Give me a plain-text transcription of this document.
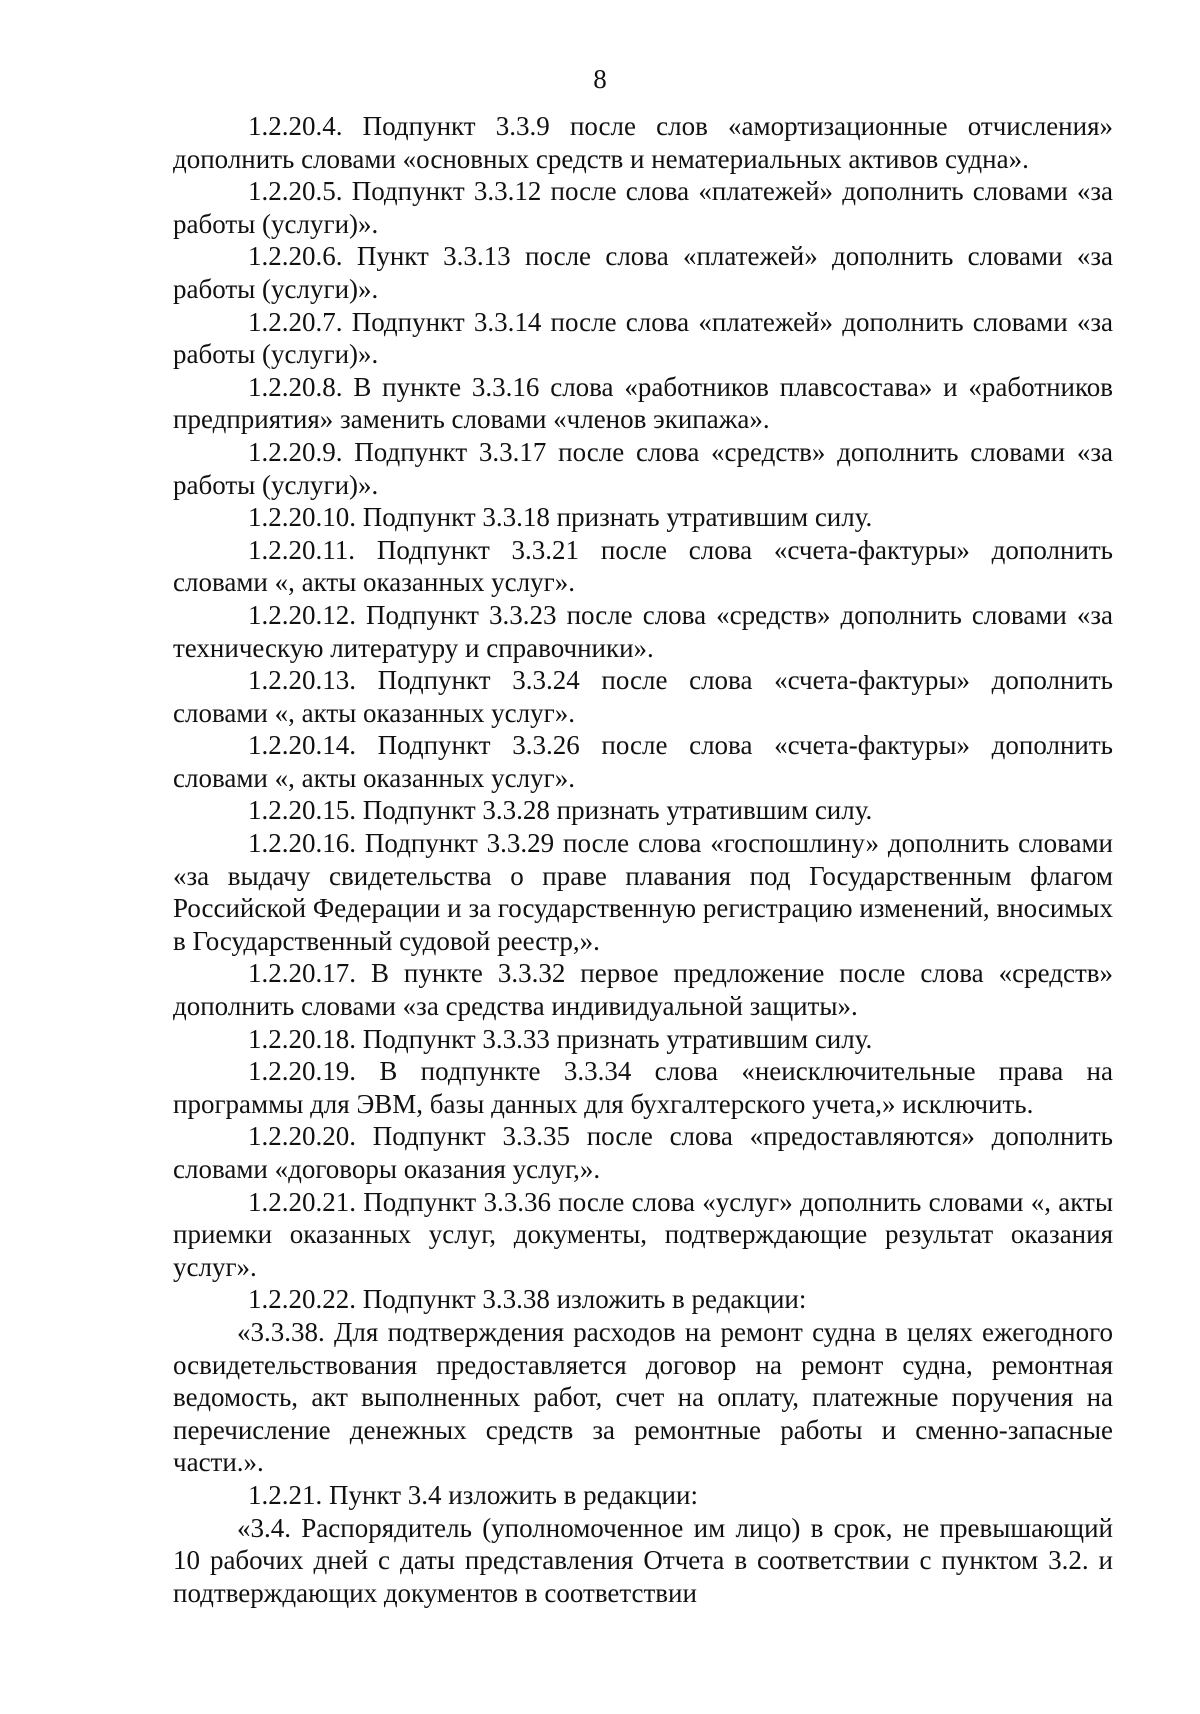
8

1.2.20.4. Подпункт 3.3.9 после слов «амортизационные отчисления» дополнить словами «основных средств и нематериальных активов судна».

1.2.20.5. Подпункт 3.3.12 после слова «платежей» дополнить словами «за работы (услуги)».

1.2.20.6. Пункт 3.3.13 после слова «платежей» дополнить словами «за работы (услуги)».

1.2.20.7. Подпункт 3.3.14 после слова «платежей» дополнить словами «за работы (услуги)».

1.2.20.8. В пункте 3.3.16 слова «работников плавсостава» и «работников предприятия» заменить словами «членов экипажа».

1.2.20.9. Подпункт 3.3.17 после слова «средств» дополнить словами «за работы (услуги)».

1.2.20.10. Подпункт 3.3.18 признать утратившим силу.

1.2.20.11. Подпункт 3.3.21 после слова «счета-фактуры» дополнить словами «, акты оказанных услуг».

1.2.20.12. Подпункт 3.3.23 после слова «средств» дополнить словами «за техническую литературу и справочники».

1.2.20.13. Подпункт 3.3.24 после слова «счета-фактуры» дополнить словами «, акты оказанных услуг».

1.2.20.14. Подпункт 3.3.26 после слова «счета-фактуры» дополнить словами «, акты оказанных услуг».

1.2.20.15. Подпункт 3.3.28 признать утратившим силу.

1.2.20.16. Подпункт 3.3.29 после слова «госпошлину» дополнить словами «за выдачу свидетельства о праве плавания под Государственным флагом Российской Федерации и за государственную регистрацию изменений, вносимых в Государственный судовой реестр,».

1.2.20.17. В пункте 3.3.32 первое предложение после слова «средств» дополнить словами «за средства индивидуальной защиты».

1.2.20.18. Подпункт 3.3.33 признать утратившим силу.

1.2.20.19. В подпункте 3.3.34 слова «неисключительные права на программы для ЭВМ, базы данных для бухгалтерского учета,» исключить.

1.2.20.20. Подпункт 3.3.35 после слова «предоставляются» дополнить словами «договоры оказания услуг,».

1.2.20.21. Подпункт 3.3.36 после слова «услуг» дополнить словами «, акты приемки оказанных услуг, документы, подтверждающие результат оказания услуг».

1.2.20.22. Подпункт 3.3.38 изложить в редакции:

«3.3.38. Для подтверждения расходов на ремонт судна в целях ежегодного освидетельствования предоставляется договор на ремонт судна, ремонтная ведомость, акт выполненных работ, счет на оплату, платежные поручения на перечисление денежных средств за ремонтные работы и сменно-запасные части.».

1.2.21. Пункт 3.4 изложить в редакции:

«3.4. Распорядитель (уполномоченное им лицо) в срок, не превышающий 10 рабочих дней с даты представления Отчета в соответствии с пунктом 3.2. и подтверждающих документов в соответствии
